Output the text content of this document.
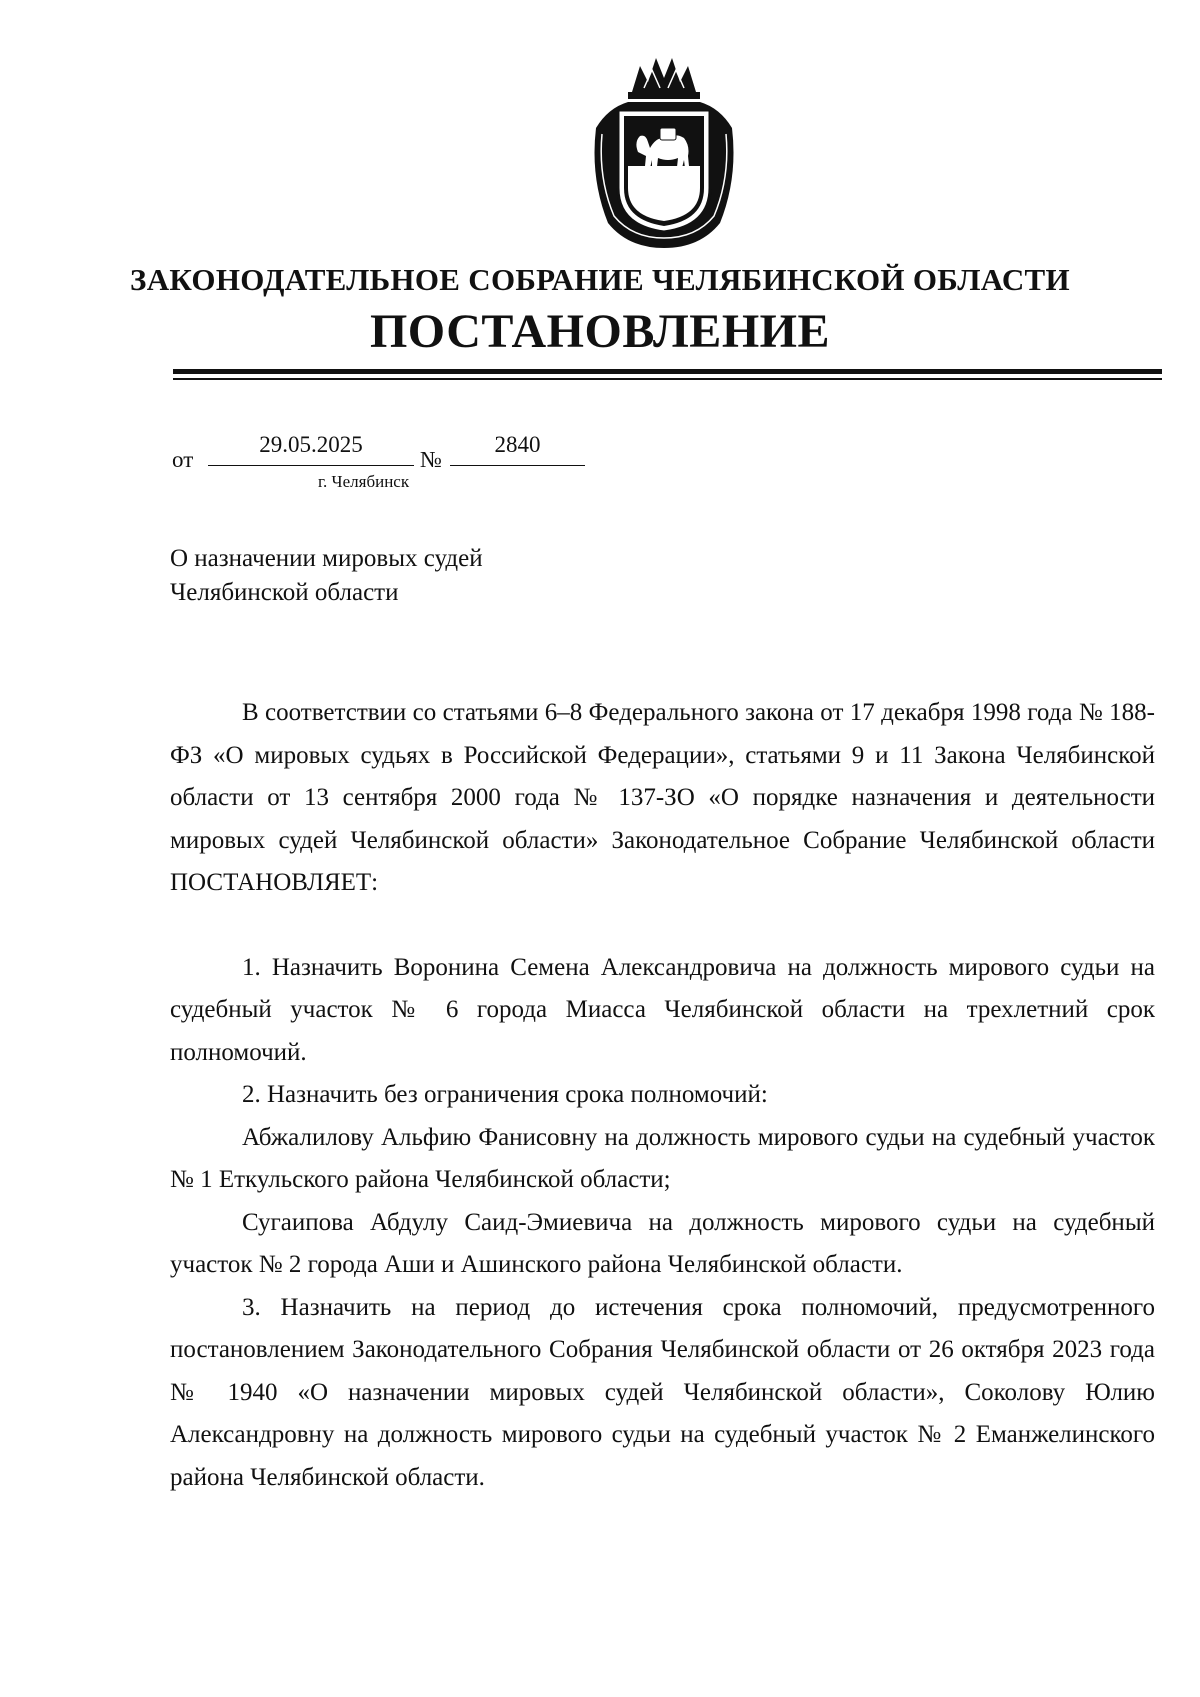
ЗАКОНОДАТЕЛЬНОЕ СОБРАНИЕ ЧЕЛЯБИНСКОЙ ОБЛАСТИ
ПОСТАНОВЛЕНИЕ
от
29.05.2025
№
2840
г. Челябинск
О назначении мировых судей
Челябинской области

В соответствии со статьями 6–8 Федерального закона от 17 декабря 1998 года № 188-ФЗ «О мировых судьях в Российской Федерации», статьями 9 и 11 Закона Челябинской области от 13 сентября 2000 года № 137-ЗО «О порядке назначения и деятельности мировых судей Челябинской области» Законодательное Собрание Челябинской области ПОСТАНОВЛЯЕТ:

1. Назначить Воронина Семена Александровича на должность мирового судьи на судебный участок № 6 города Миасса Челябинской области на трехлетний срок полномочий.

2. Назначить без ограничения срока полномочий:

Абжалилову Альфию Фанисовну на должность мирового судьи на судебный участок № 1 Еткульского района Челябинской области;

Сугаипова Абдулу Саид-Эмиевича на должность мирового судьи на судебный участок № 2 города Аши и Ашинского района Челябинской области.

3. Назначить на период до истечения срока полномочий, предусмотренного постановлением Законодательного Собрания Челябинской области от 26 октября 2023 года № 1940 «О назначении мировых судей Челябинской области», Соколову Юлию Александровну на должность мирового судьи на судебный участок № 2 Еманжелинского района Челябинской области.
